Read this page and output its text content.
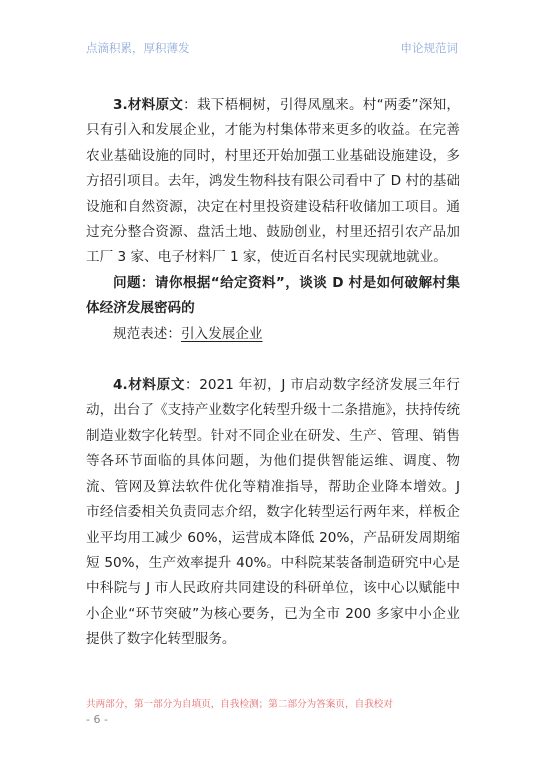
点滴积累，厚积薄发	申论规范词

3.材料原文：栽下梧桐树，引得凤凰来。村“两委”深知，只有引入和发展企业，才能为村集体带来更多的收益。在完善农业基础设施的同时，村里还开始加强工业基础设施建设，多方招引项目。去年，鸿发生物科技有限公司看中了 D 村的基础设施和自然资源，决定在村里投资建设秸秆收储加工项目。通过充分整合资源、盘活土地、鼓励创业，村里还招引农产品加工厂 3 家、电子材料厂 1 家，使近百名村民实现就地就业。

问题：请你根据“给定资料”，谈谈 D 村是如何破解村集体经济发展密码的

规范表述：引入发展企业

4.材料原文：2021 年初，J 市启动数字经济发展三年行动，出台了《支持产业数字化转型升级十二条措施》，扶持传统制造业数字化转型。针对不同企业在研发、生产、管理、销售等各环节面临的具体问题，为他们提供智能运维、调度、物流、管网及算法软件优化等精准指导，帮助企业降本增效。J 市经信委相关负责同志介绍，数字化转型运行两年来，样板企业平均用工减少 60%，运营成本降低 20%，产品研发周期缩短 50%，生产效率提升 40%。中科院某装备制造研究中心是中科院与 J 市人民政府共同建设的科研单位，该中心以赋能中小企业“环节突破”为核心要务，已为全市 200 多家中小企业提供了数字化转型服务。

共两部分，第一部分为自填页，自我检测；第二部分为答案页，自我校对
- 6 -
